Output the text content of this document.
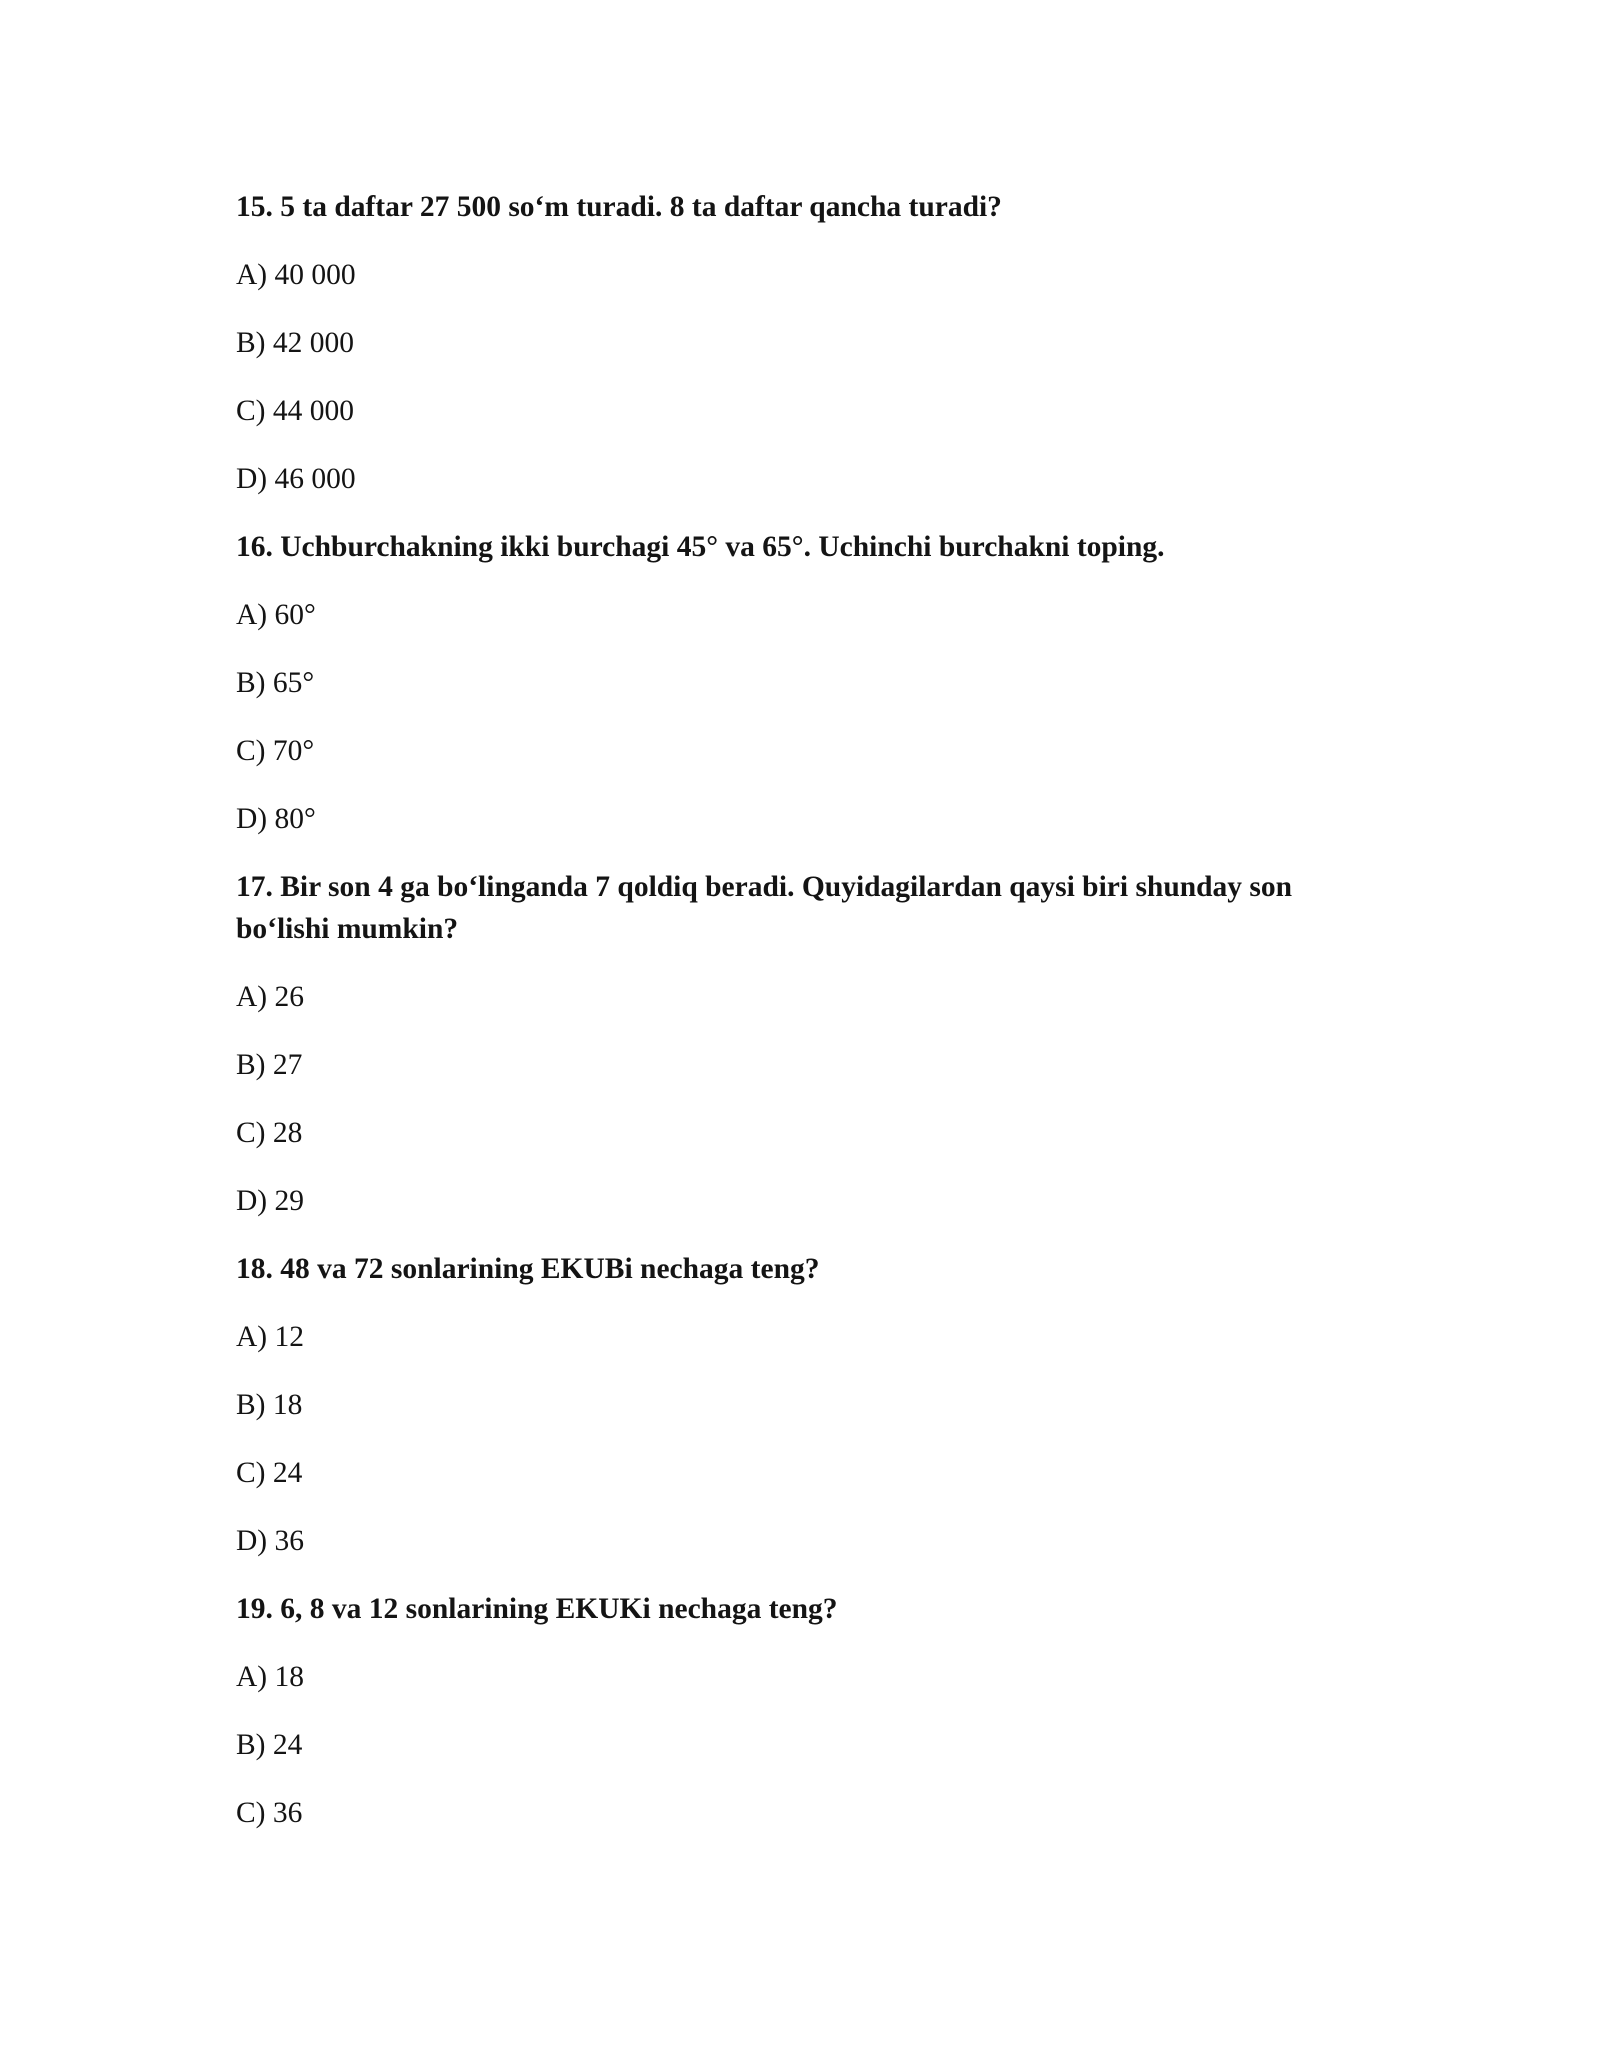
15. 5 ta daftar 27 500 so‘m turadi. 8 ta daftar qancha turadi?

A) 40 000

B) 42 000

C) 44 000

D) 46 000

16. Uchburchakning ikki burchagi 45° va 65°. Uchinchi burchakni toping.

A) 60°

B) 65°

C) 70°

D) 80°

17. Bir son 4 ga bo‘linganda 7 qoldiq beradi. Quyidagilardan qaysi biri shunday son bo‘lishi mumkin?

A) 26

B) 27

C) 28

D) 29

18. 48 va 72 sonlarining EKUBi nechaga teng?

A) 12

B) 18

C) 24

D) 36

19. 6, 8 va 12 sonlarining EKUKi nechaga teng?

A) 18

B) 24

C) 36
